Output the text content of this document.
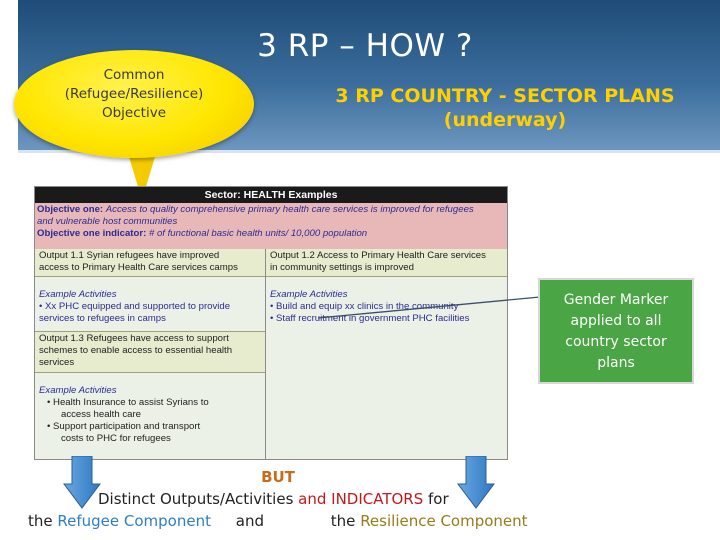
3 RP – HOW ?
3 RP COUNTRY - SECTOR PLANS
(underway)
Common
(Refugee/Resilience)
Objective
Sector: HEALTH Examples

Objective one: Access to quality comprehensive primary health care services is improved for refugees

and vulnerable host communities

Objective one indicator: # of functional basic health units/ 10,000 population

Output 1.1 Syrian refugees have improved

access to Primary Health Care services camps

Example Activities

• Xx PHC equipped and supported to provide

services to refugees in camps

Output 1.3 Refugees have access to support

schemes to enable access to essential health

services

Example Activities

• Health Insurance to assist Syrians to

access health care

• Support participation and transport

costs to PHC for refugees

Output 1.2 Access to Primary Health Care services

in community settings is improved

Example Activities

• Build and equip xx clinics in the community

• Staff recruitment in government PHC facilities

Gender Marker
applied to all
country sector
plans
BUT
Distinct Outputs/Activities and INDICATORS for
the Refugee Component and	the Resilience Component
